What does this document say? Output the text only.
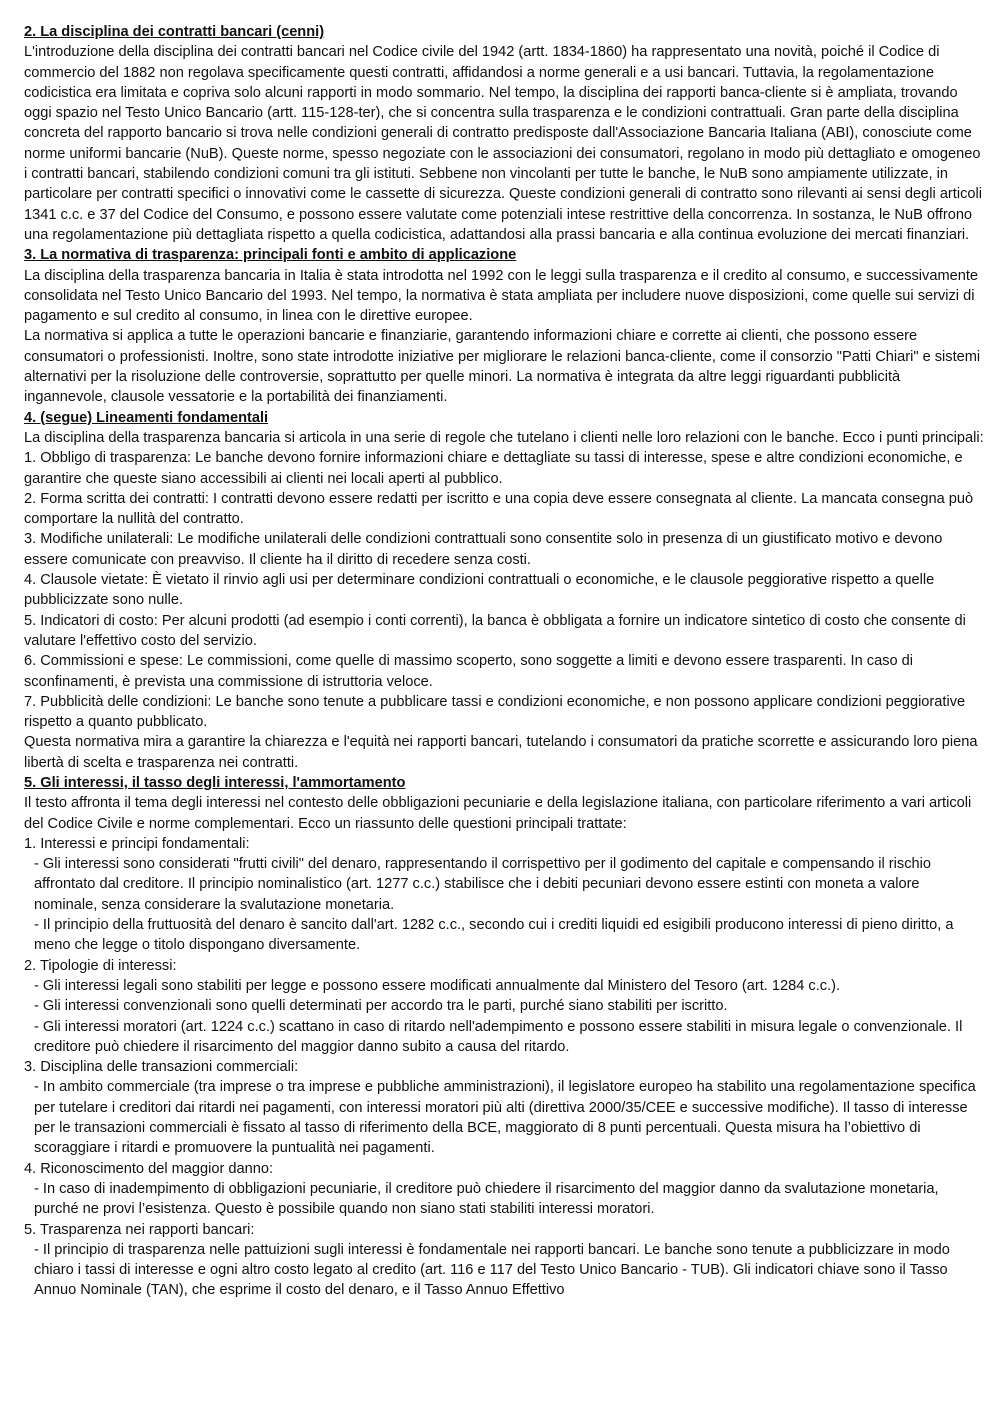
2. La disciplina dei contratti bancari (cenni)
L'introduzione della disciplina dei contratti bancari nel Codice civile del 1942 (artt. 1834-1860) ha rappresentato una novità, poiché il Codice di commercio del 1882 non regolava specificamente questi contratti, affidandosi a norme generali e a usi bancari. Tuttavia, la regolamentazione codicistica era limitata e copriva solo alcuni rapporti in modo sommario. Nel tempo, la disciplina dei rapporti banca-cliente si è ampliata, trovando oggi spazio nel Testo Unico Bancario (artt. 115-128-ter), che si concentra sulla trasparenza e le condizioni contrattuali. Gran parte della disciplina concreta del rapporto bancario si trova nelle condizioni generali di contratto predisposte dall'Associazione Bancaria Italiana (ABI), conosciute come norme uniformi bancarie (NuB). Queste norme, spesso negoziate con le associazioni dei consumatori, regolano in modo più dettagliato e omogeneo i contratti bancari, stabilendo condizioni comuni tra gli istituti. Sebbene non vincolanti per tutte le banche, le NuB sono ampiamente utilizzate, in particolare per contratti specifici o innovativi come le cassette di sicurezza. Queste condizioni generali di contratto sono rilevanti ai sensi degli articoli 1341 c.c. e 37 del Codice del Consumo, e possono essere valutate come potenziali intese restrittive della concorrenza. In sostanza, le NuB offrono una regolamentazione più dettagliata rispetto a quella codicistica, adattandosi alla prassi bancaria e alla continua evoluzione dei mercati finanziari.
3. La normativa di trasparenza: principali fonti e ambito di applicazione
La disciplina della trasparenza bancaria in Italia è stata introdotta nel 1992 con le leggi sulla trasparenza e il credito al consumo, e successivamente consolidata nel Testo Unico Bancario del 1993. Nel tempo, la normativa è stata ampliata per includere nuove disposizioni, come quelle sui servizi di pagamento e sul credito al consumo, in linea con le direttive europee.
La normativa si applica a tutte le operazioni bancarie e finanziarie, garantendo informazioni chiare e corrette ai clienti, che possono essere consumatori o professionisti. Inoltre, sono state introdotte iniziative per migliorare le relazioni banca-cliente, come il consorzio "Patti Chiari" e sistemi alternativi per la risoluzione delle controversie, soprattutto per quelle minori. La normativa è integrata da altre leggi riguardanti pubblicità ingannevole, clausole vessatorie e la portabilità dei finanziamenti.
4. (segue) Lineamenti fondamentali
La disciplina della trasparenza bancaria si articola in una serie di regole che tutelano i clienti nelle loro relazioni con le banche. Ecco i punti principali:
1. Obbligo di trasparenza: Le banche devono fornire informazioni chiare e dettagliate su tassi di interesse, spese e altre condizioni economiche, e garantire che queste siano accessibili ai clienti nei locali aperti al pubblico.
2. Forma scritta dei contratti: I contratti devono essere redatti per iscritto e una copia deve essere consegnata al cliente. La mancata consegna può comportare la nullità del contratto.
3. Modifiche unilaterali: Le modifiche unilaterali delle condizioni contrattuali sono consentite solo in presenza di un giustificato motivo e devono essere comunicate con preavviso. Il cliente ha il diritto di recedere senza costi.
4. Clausole vietate: È vietato il rinvio agli usi per determinare condizioni contrattuali o economiche, e le clausole peggiorative rispetto a quelle pubblicizzate sono nulle.
5. Indicatori di costo: Per alcuni prodotti (ad esempio i conti correnti), la banca è obbligata a fornire un indicatore sintetico di costo che consente di valutare l'effettivo costo del servizio.
6. Commissioni e spese: Le commissioni, come quelle di massimo scoperto, sono soggette a limiti e devono essere trasparenti. In caso di sconfinamenti, è prevista una commissione di istruttoria veloce.
7. Pubblicità delle condizioni: Le banche sono tenute a pubblicare tassi e condizioni economiche, e non possono applicare condizioni peggiorative rispetto a quanto pubblicato.
Questa normativa mira a garantire la chiarezza e l'equità nei rapporti bancari, tutelando i consumatori da pratiche scorrette e assicurando loro piena libertà di scelta e trasparenza nei contratti.
5. Gli interessi, il tasso degli interessi, l'ammortamento
Il testo affronta il tema degli interessi nel contesto delle obbligazioni pecuniarie e della legislazione italiana, con particolare riferimento a vari articoli del Codice Civile e norme complementari. Ecco un riassunto delle questioni principali trattate:
1. Interessi e principi fondamentali:
- Gli interessi sono considerati "frutti civili" del denaro, rappresentando il corrispettivo per il godimento del capitale e compensando il rischio affrontato dal creditore. Il principio nominalistico (art. 1277 c.c.) stabilisce che i debiti pecuniari devono essere estinti con moneta a valore nominale, senza considerare la svalutazione monetaria.
- Il principio della fruttuosità del denaro è sancito dall'art. 1282 c.c., secondo cui i crediti liquidi ed esigibili producono interessi di pieno diritto, a meno che legge o titolo dispongano diversamente.
2. Tipologie di interessi:
- Gli interessi legali sono stabiliti per legge e possono essere modificati annualmente dal Ministero del Tesoro (art. 1284 c.c.).
- Gli interessi convenzionali sono quelli determinati per accordo tra le parti, purché siano stabiliti per iscritto.
- Gli interessi moratori (art. 1224 c.c.) scattano in caso di ritardo nell'adempimento e possono essere stabiliti in misura legale o convenzionale. Il creditore può chiedere il risarcimento del maggior danno subito a causa del ritardo.
3. Disciplina delle transazioni commerciali:
- In ambito commerciale (tra imprese o tra imprese e pubbliche amministrazioni), il legislatore europeo ha stabilito una regolamentazione specifica per tutelare i creditori dai ritardi nei pagamenti, con interessi moratori più alti (direttiva 2000/35/CEE e successive modifiche). Il tasso di interesse per le transazioni commerciali è fissato al tasso di riferimento della BCE, maggiorato di 8 punti percentuali. Questa misura ha l’obiettivo di scoraggiare i ritardi e promuovere la puntualità nei pagamenti.
4. Riconoscimento del maggior danno:
- In caso di inadempimento di obbligazioni pecuniarie, il creditore può chiedere il risarcimento del maggior danno da svalutazione monetaria, purché ne provi l’esistenza. Questo è possibile quando non siano stati stabiliti interessi moratori.
5. Trasparenza nei rapporti bancari:
- Il principio di trasparenza nelle pattuizioni sugli interessi è fondamentale nei rapporti bancari. Le banche sono tenute a pubblicizzare in modo chiaro i tassi di interesse e ogni altro costo legato al credito (art. 116 e 117 del Testo Unico Bancario - TUB). Gli indicatori chiave sono il Tasso Annuo Nominale (TAN), che esprime il costo del denaro, e il Tasso Annuo Effettivo
